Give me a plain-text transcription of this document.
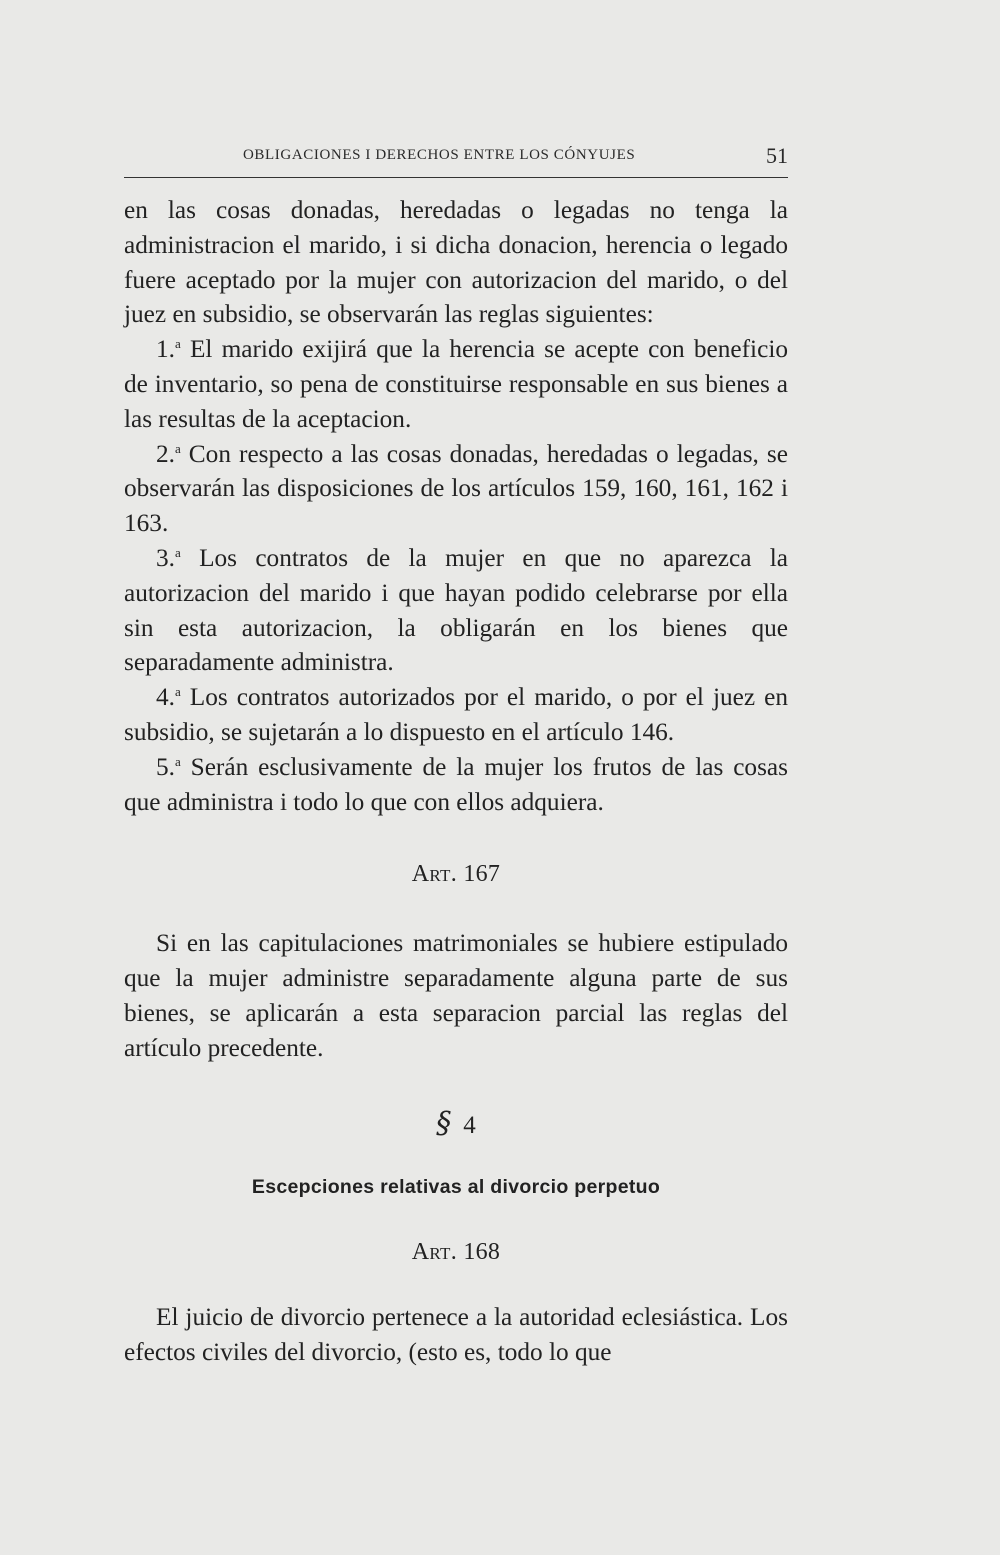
OBLIGACIONES I DERECHOS ENTRE LOS CÓNYUJES	51

en las cosas donadas, heredadas o legadas no tenga la administracion el marido, i si dicha donacion, herencia o legado fuere aceptado por la mujer con autorizacion del marido, o del juez en subsidio, se observarán las reglas siguientes:

1.$^a$ El marido exijirá que la herencia se acepte con beneficio de inventario, so pena de constituirse responsable en sus bienes a las resultas de la aceptacion.

2.$^a$ Con respecto a las cosas donadas, heredadas o legadas, se observarán las disposiciones de los artículos 159, 160, 161, 162 i 163.

3.$^a$ Los contratos de la mujer en que no aparezca la autorizacion del marido i que hayan podido celebrarse por ella sin esta autorizacion, la obligarán en los bienes que separadamente administra.

4.$^a$ Los contratos autorizados por el marido, o por el juez en subsidio, se sujetarán a lo dispuesto en el artículo 146.

5.$^a$ Serán esclusivamente de la mujer los frutos de las cosas que administra i todo lo que con ellos adquiera.

Art. 167

Si en las capitulaciones matrimoniales se hubiere estipulado que la mujer administre separadamente alguna parte de sus bienes, se aplicarán a esta separacion parcial las reglas del artículo precedente.

§ 4

Escepciones relativas al divorcio perpetuo

Art. 168

El juicio de divorcio pertenece a la autoridad eclesiástica. Los efectos civiles del divorcio, (esto es, todo lo que
